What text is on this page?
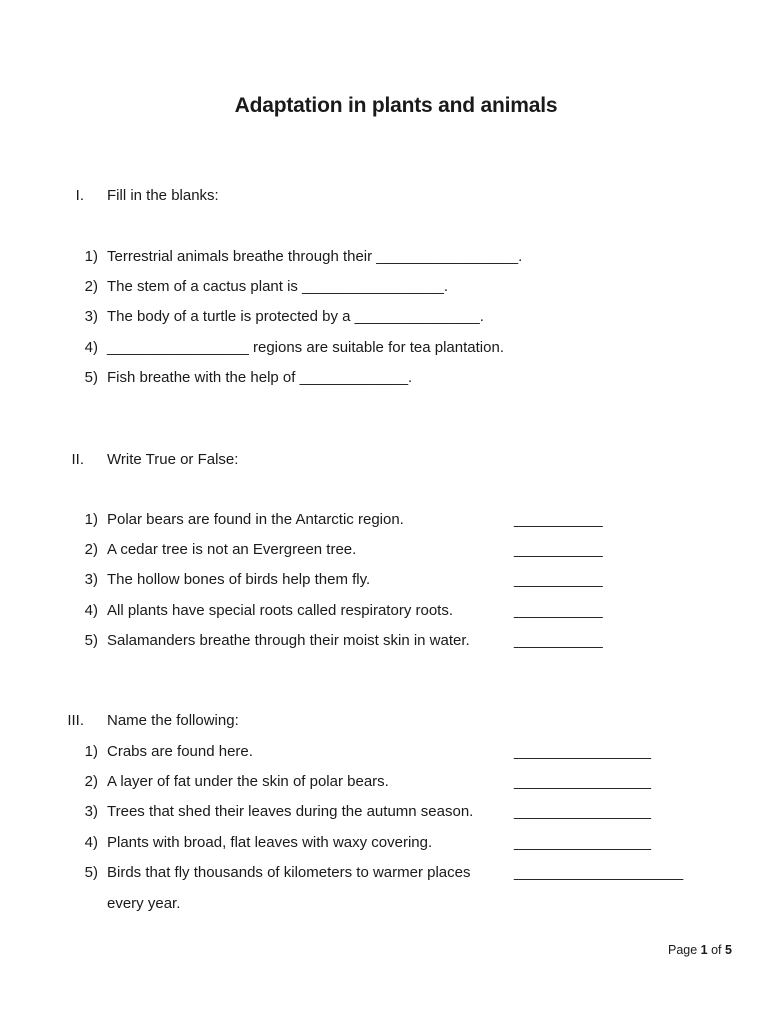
Adaptation in plants and animals
I. Fill in the blanks:
1) Terrestrial animals breathe through their _________________.
2) The stem of a cactus plant is _________________.
3) The body of a turtle is protected by a _______________.
4) _________________ regions are suitable for tea plantation.
5) Fish breathe with the help of _____________.
II. Write True or False:
1) Polar bears are found in the Antarctic region.	___________
2) A cedar tree is not an Evergreen tree.	___________
3) The hollow bones of birds help them fly.	___________
4) All plants have special roots called respiratory roots.	___________
5) Salamanders breathe through their moist skin in water.	___________
III. Name the following:
1) Crabs are found here.	_________________
2) A layer of fat under the skin of polar bears.	_________________
3) Trees that shed their leaves during the autumn season.	_________________
4) Plants with broad, flat leaves with waxy covering.	_________________
5) Birds that fly thousands of kilometers to warmer places	_____________________
every year.
Page 1 of 5
